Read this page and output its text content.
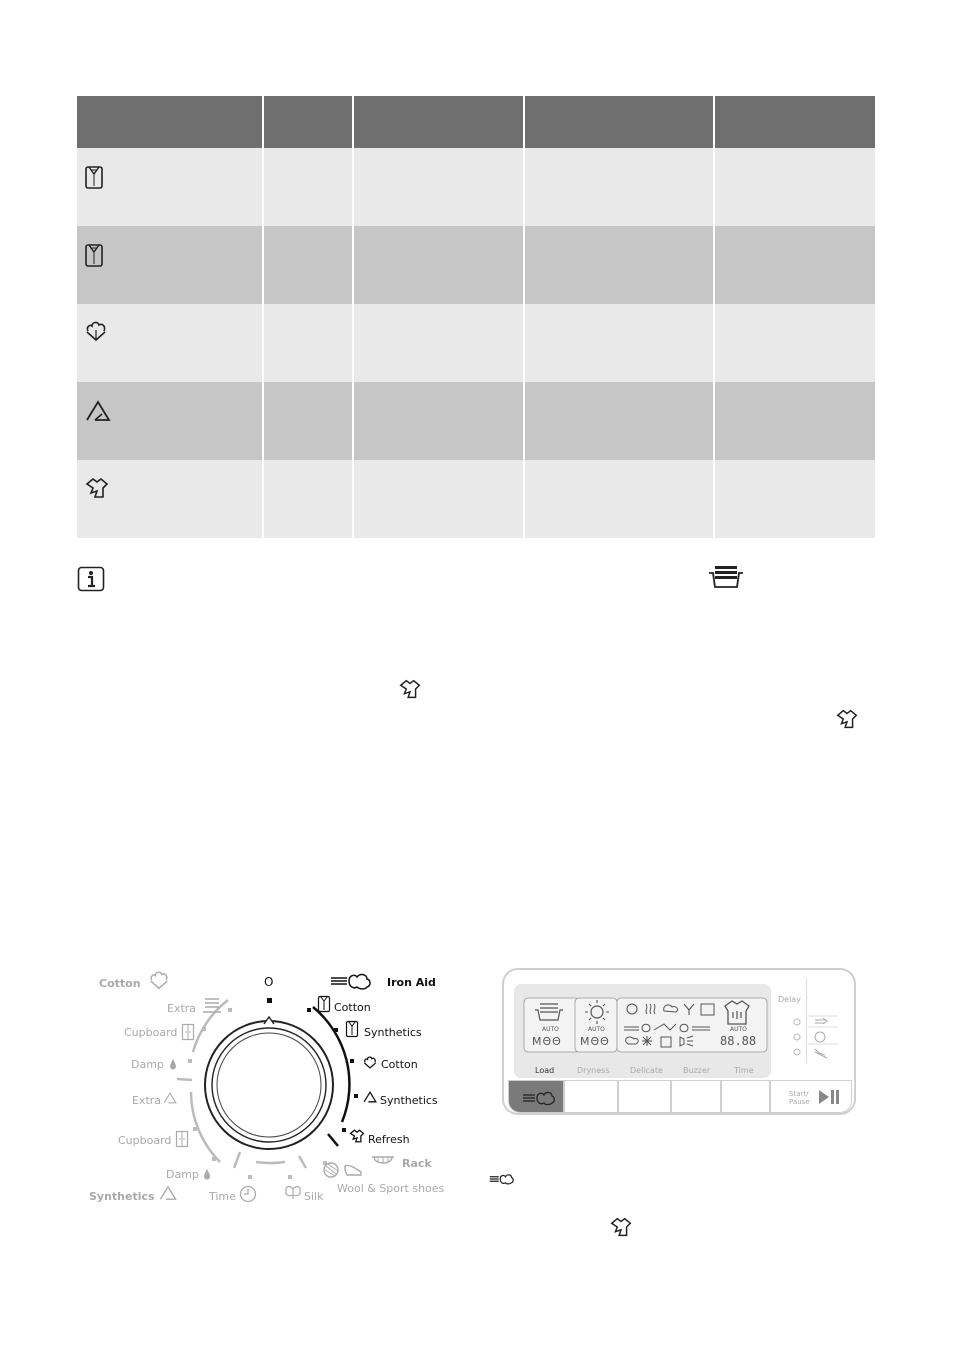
O	Iron Aid
Cotton
Synthetics
Cotton
Synthetics
Refresh
Rack
Wool & Sport shoes
Cotton
Extra
Cupboard
Damp
Extra
Cupboard
Damp
Synthetics	Time	Silk
AUTO	AUTO	AUTO
MΘΘ MΘΘ	88.88
Load	Dryness	Delicate	Buzzer	Time
Delay
Start/ Pause
